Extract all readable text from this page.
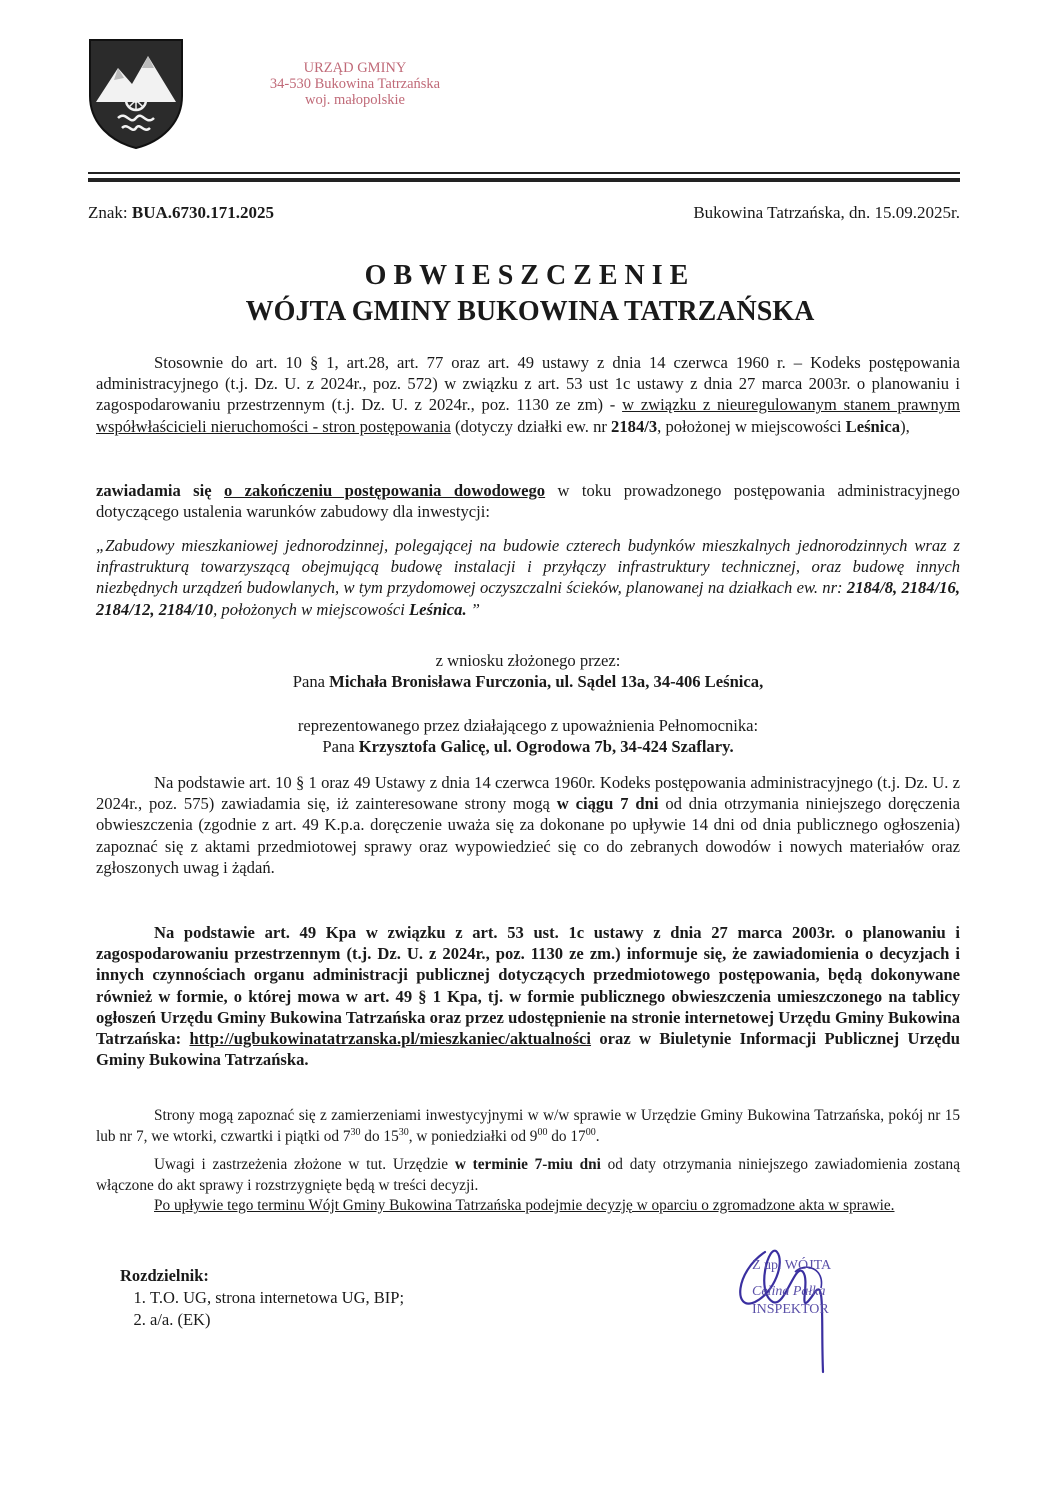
URZĄD GMINY
34-530 Bukowina Tatrzańska
woj. małopolskie
Znak: BUA.6730.171.2025	Bukowina Tatrzańska, dn. 15.09.2025r.
OBWIESZCZENIE
WÓJTA GMINY BUKOWINA TATRZAŃSKA

Stosownie do art. 10 § 1, art.28, art. 77 oraz art. 49 ustawy z dnia 14 czerwca 1960 r. – Kodeks postępowania administracyjnego (t.j. Dz. U. z 2024r., poz. 572) w związku z art. 53 ust 1c ustawy z dnia 27 marca 2003r. o planowaniu i zagospodarowaniu przestrzennym (t.j. Dz. U. z 2024r., poz. 1130 ze zm) - w związku z nieuregulowanym stanem prawnym współwłaścicieli nieruchomości - stron postępowania (dotyczy działki ew. nr 2184/3, położonej w miejscowości Leśnica),

zawiadamia się o zakończeniu postępowania dowodowego w toku prowadzonego postępowania administracyjnego dotyczącego ustalenia warunków zabudowy dla inwestycji:

„Zabudowy mieszkaniowej jednorodzinnej, polegającej na budowie czterech budynków mieszkalnych jednorodzinnych wraz z infrastrukturą towarzyszącą obejmującą budowę instalacji i przyłączy infrastruktury technicznej, oraz budowę innych niezbędnych urządzeń budowlanych, w tym przydomowej oczyszczalni ścieków, planowanej na działkach ew. nr: 2184/8, 2184/16, 2184/12, 2184/10, położonych w miejscowości Leśnica. ”

z wniosku złożonego przez:

Pana Michała Bronisława Furczonia, ul. Sądel 13a, 34-406 Leśnica,

reprezentowanego przez działającego z upoważnienia Pełnomocnika:

Pana Krzysztofa Galicę, ul. Ogrodowa 7b, 34-424 Szaflary.

Na podstawie art. 10 § 1 oraz 49 Ustawy z dnia 14 czerwca 1960r. Kodeks postępowania administracyjnego (t.j. Dz. U. z 2024r., poz. 575) zawiadamia się, iż zainteresowane strony mogą w ciągu 7 dni od dnia otrzymania niniejszego doręczenia obwieszczenia (zgodnie z art. 49 K.p.a. doręczenie uważa się za dokonane po upływie 14 dni od dnia publicznego ogłoszenia) zapoznać się z aktami przedmiotowej sprawy oraz wypowiedzieć się co do zebranych dowodów i nowych materiałów oraz zgłoszonych uwag i żądań.

Na podstawie art. 49 Kpa w związku z art. 53 ust. 1c ustawy z dnia 27 marca 2003r. o planowaniu i zagospodarowaniu przestrzennym (t.j. Dz. U. z 2024r., poz. 1130 ze zm.) informuje się, że zawiadomienia o decyzjach i innych czynnościach organu administracji publicznej dotyczących przedmiotowego postępowania, będą dokonywane również w formie, o której mowa w art. 49 § 1 Kpa, tj. w formie publicznego obwieszczenia umieszczonego na tablicy ogłoszeń Urzędu Gminy Bukowina Tatrzańska oraz przez udostępnienie na stronie internetowej Urzędu Gminy Bukowina Tatrzańska: http://ugbukowinatatrzanska.pl/mieszkaniec/aktualności oraz w Biuletynie Informacji Publicznej Urzędu Gminy Bukowina Tatrzańska.

Strony mogą zapoznać się z zamierzeniami inwestycyjnymi w w/w sprawie w Urzędzie Gminy Bukowina Tatrzańska, pokój nr 15 lub nr 7, we wtorki, czwartki i piątki od $7^{30}$ do $15^{30}$, w poniedziałki od $9^{00}$ do $17^{00}$.

Uwagi i zastrzeżenia złożone w tut. Urzędzie w terminie 7-miu dni od daty otrzymania niniejszego zawiadomienia zostaną włączone do akt sprawy i rozstrzygnięte będą w treści decyzji.

Po upływie tego terminu Wójt Gminy Bukowina Tatrzańska podejmie decyzję w oparciu o zgromadzone akta w sprawie.

Rozdzielnik:
1. T.O. UG, strona internetowa UG, BIP;
2. a/a. (EK)
Z up. WÓJTA
Celina Pałka
INSPEKTOR
